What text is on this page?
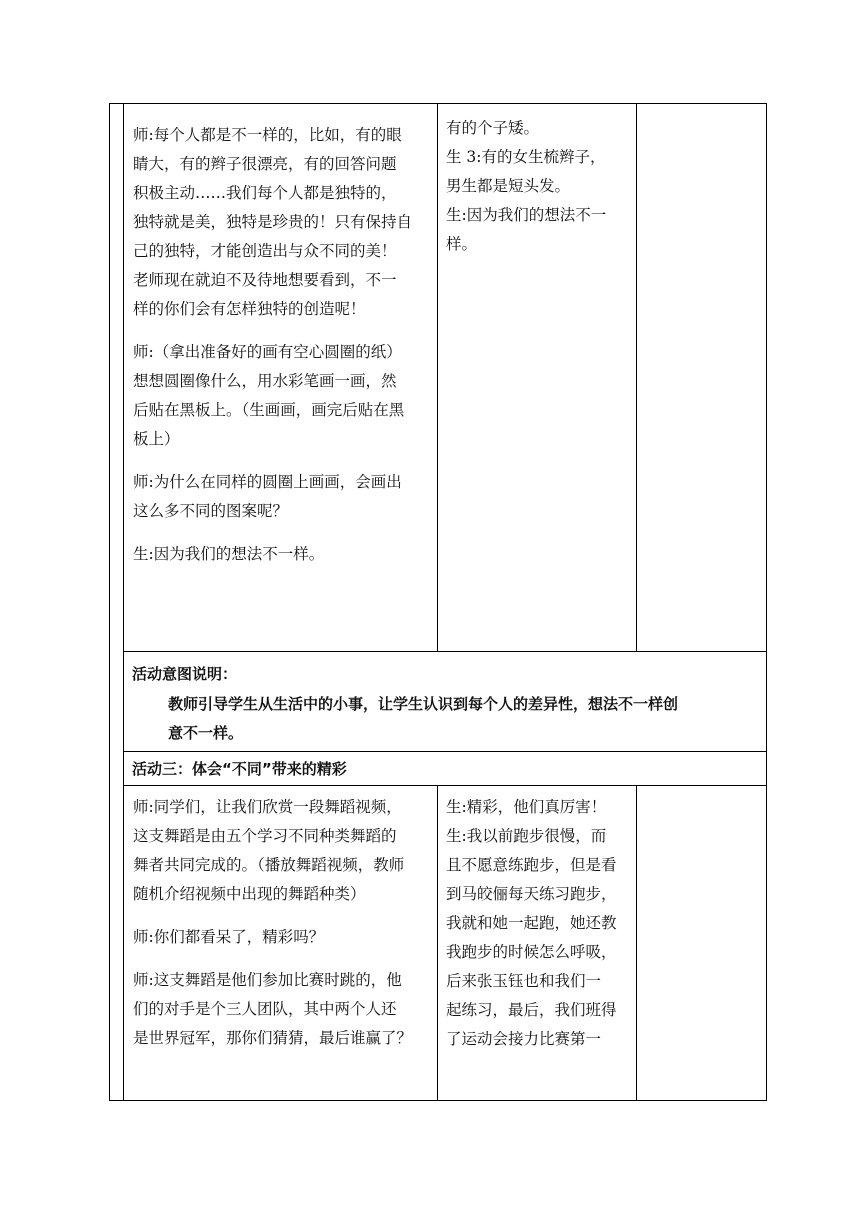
师:每个人都是不一样的，比如，有的眼

睛大，有的辫子很漂亮，有的回答问题

积极主动……我们每个人都是独特的，

独特就是美，独特是珍贵的！只有保持自

己的独特，才能创造出与众不同的美！

老师现在就迫不及待地想要看到，不一

样的你们会有怎样独特的创造呢！

师:（拿出准备好的画有空心圆圈的纸）

想想圆圈像什么，用水彩笔画一画，然

后贴在黑板上。（生画画，画完后贴在黑

板上）

师:为什么在同样的圆圈上画画，会画出

这么多不同的图案呢？

生:因为我们的想法不一样。

有的个子矮。

生 3:有的女生梳辫子，

男生都是短头发。

生:因为我们的想法不一

样。

活动意图说明：

教师引导学生从生活中的小事，让学生认识到每个人的差异性，想法不一样创

意不一样。

活动三：体会“不同”带来的精彩

师:同学们，让我们欣赏一段舞蹈视频，

这支舞蹈是由五个学习不同种类舞蹈的

舞者共同完成的。（播放舞蹈视频，教师

随机介绍视频中出现的舞蹈种类）

师:你们都看呆了，精彩吗？

师:这支舞蹈是他们参加比赛时跳的，他

们的对手是个三人团队，其中两个人还

是世界冠军，那你们猜猜，最后谁赢了？

生:精彩，他们真厉害！

生:我以前跑步很慢，而

且不愿意练跑步，但是看

到马皎俪每天练习跑步，

我就和她一起跑，她还教

我跑步的时候怎么呼吸，

后来张玉钰也和我们一

起练习，最后，我们班得

了运动会接力比赛第一
